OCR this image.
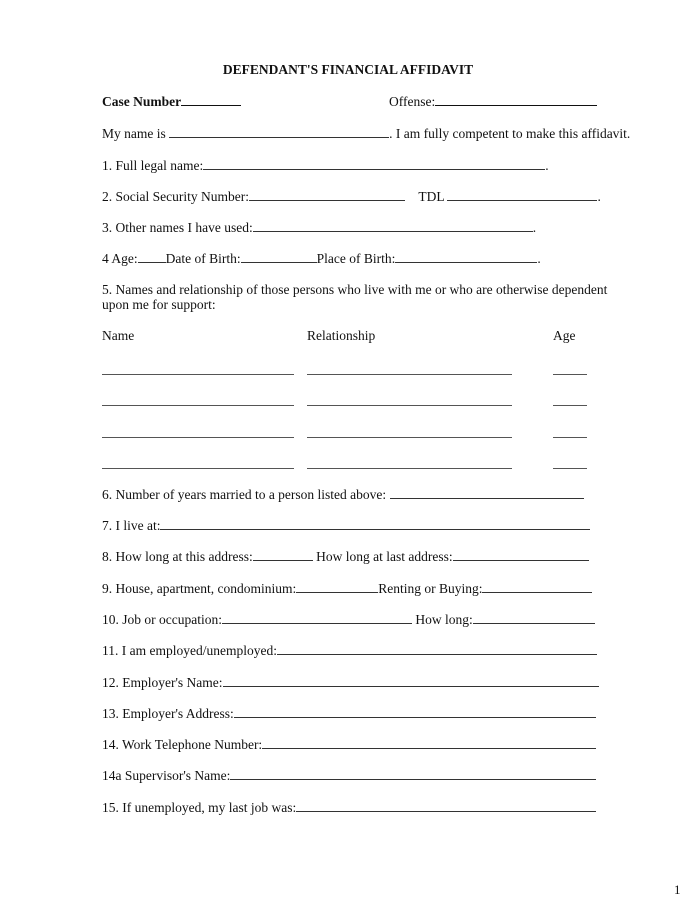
DEFENDANT'S FINANCIAL AFFIDAVIT
Case Number	Offense:
My name is	. I am fully competent to make this affidavit.
1. Full legal name:	.
2. Social Security Number:	TDL	.
3. Other names I have used:	.
4 Age: Date of Birth:	Place of Birth:	.
5. Names and relationship of those persons who live with me or who are otherwise dependent
upon me for support:
Name	Relationship	Age
6. Number of years married to a person listed above:
7. I live at:
8. How long at this address:	How long at last address:
9. House, apartment, condominium:	Renting or Buying:
10. Job or occupation:	How long:
11. I am employed/unemployed:
12. Employer's Name:
13. Employer's Address:
14. Work Telephone Number:
14a Supervisor's Name:
15. If unemployed, my last job was:
1
